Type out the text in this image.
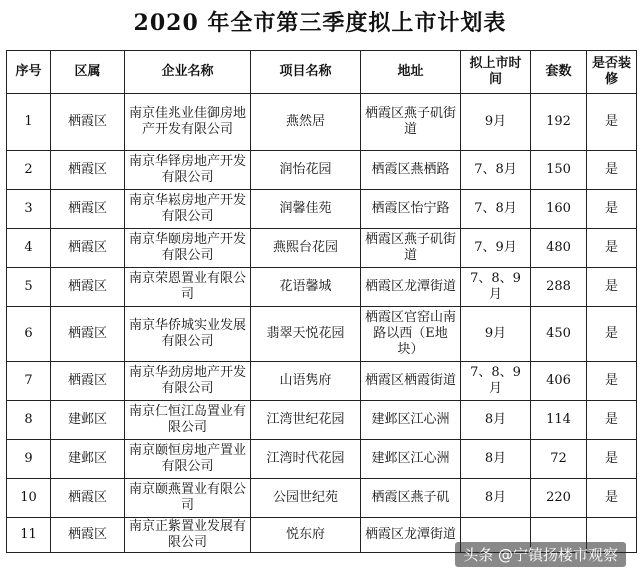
2020 年全市第三季度拟上市计划表
序号	区属	企业名称	项目名称	地址	拟上市时间	套数	是否装修
1	栖霞区	南京佳兆业佳御房地产开发有限公司	燕然居	栖霞区燕子矶街道	9月	192	是
2	栖霞区	南京华铎房地产开发有限公司	润怡花园	栖霞区燕栖路	7、8月	150	是
3	栖霞区	南京华崧房地产开发有限公司	润馨佳苑	栖霞区怡宁路	7、8月	160	是
4	栖霞区	南京华颐房地产开发有限公司	燕熙台花园	栖霞区燕子矶街道	7、9月	480	是
5	栖霞区	南京荣恩置业有限公司	花语馨城	栖霞区龙潭街道	7、8、9月	288	是
6	栖霞区	南京华侨城实业发展有限公司	翡翠天悦花园	栖霞区官窑山南路以西（E地块）	9月	450	是
7	栖霞区	南京华劲房地产开发有限公司	山语隽府	栖霞区栖霞街道	7、8、9月	406	是
8	建邺区	南京仁恒江岛置业有限公司	江湾世纪花园	建邺区江心洲	8月	114	是
9	建邺区	南京颐恒房地产置业有限公司	江湾时代花园	建邺区江心洲	8月	72	是
10	栖霞区	南京颐燕置业有限公司	公园世纪苑	栖霞区燕子矶	8月	220	是
11	栖霞区	南京正紫置业发展有限公司	悦东府	栖霞区龙潭街道			
头条 @宁镇扬楼市观察
